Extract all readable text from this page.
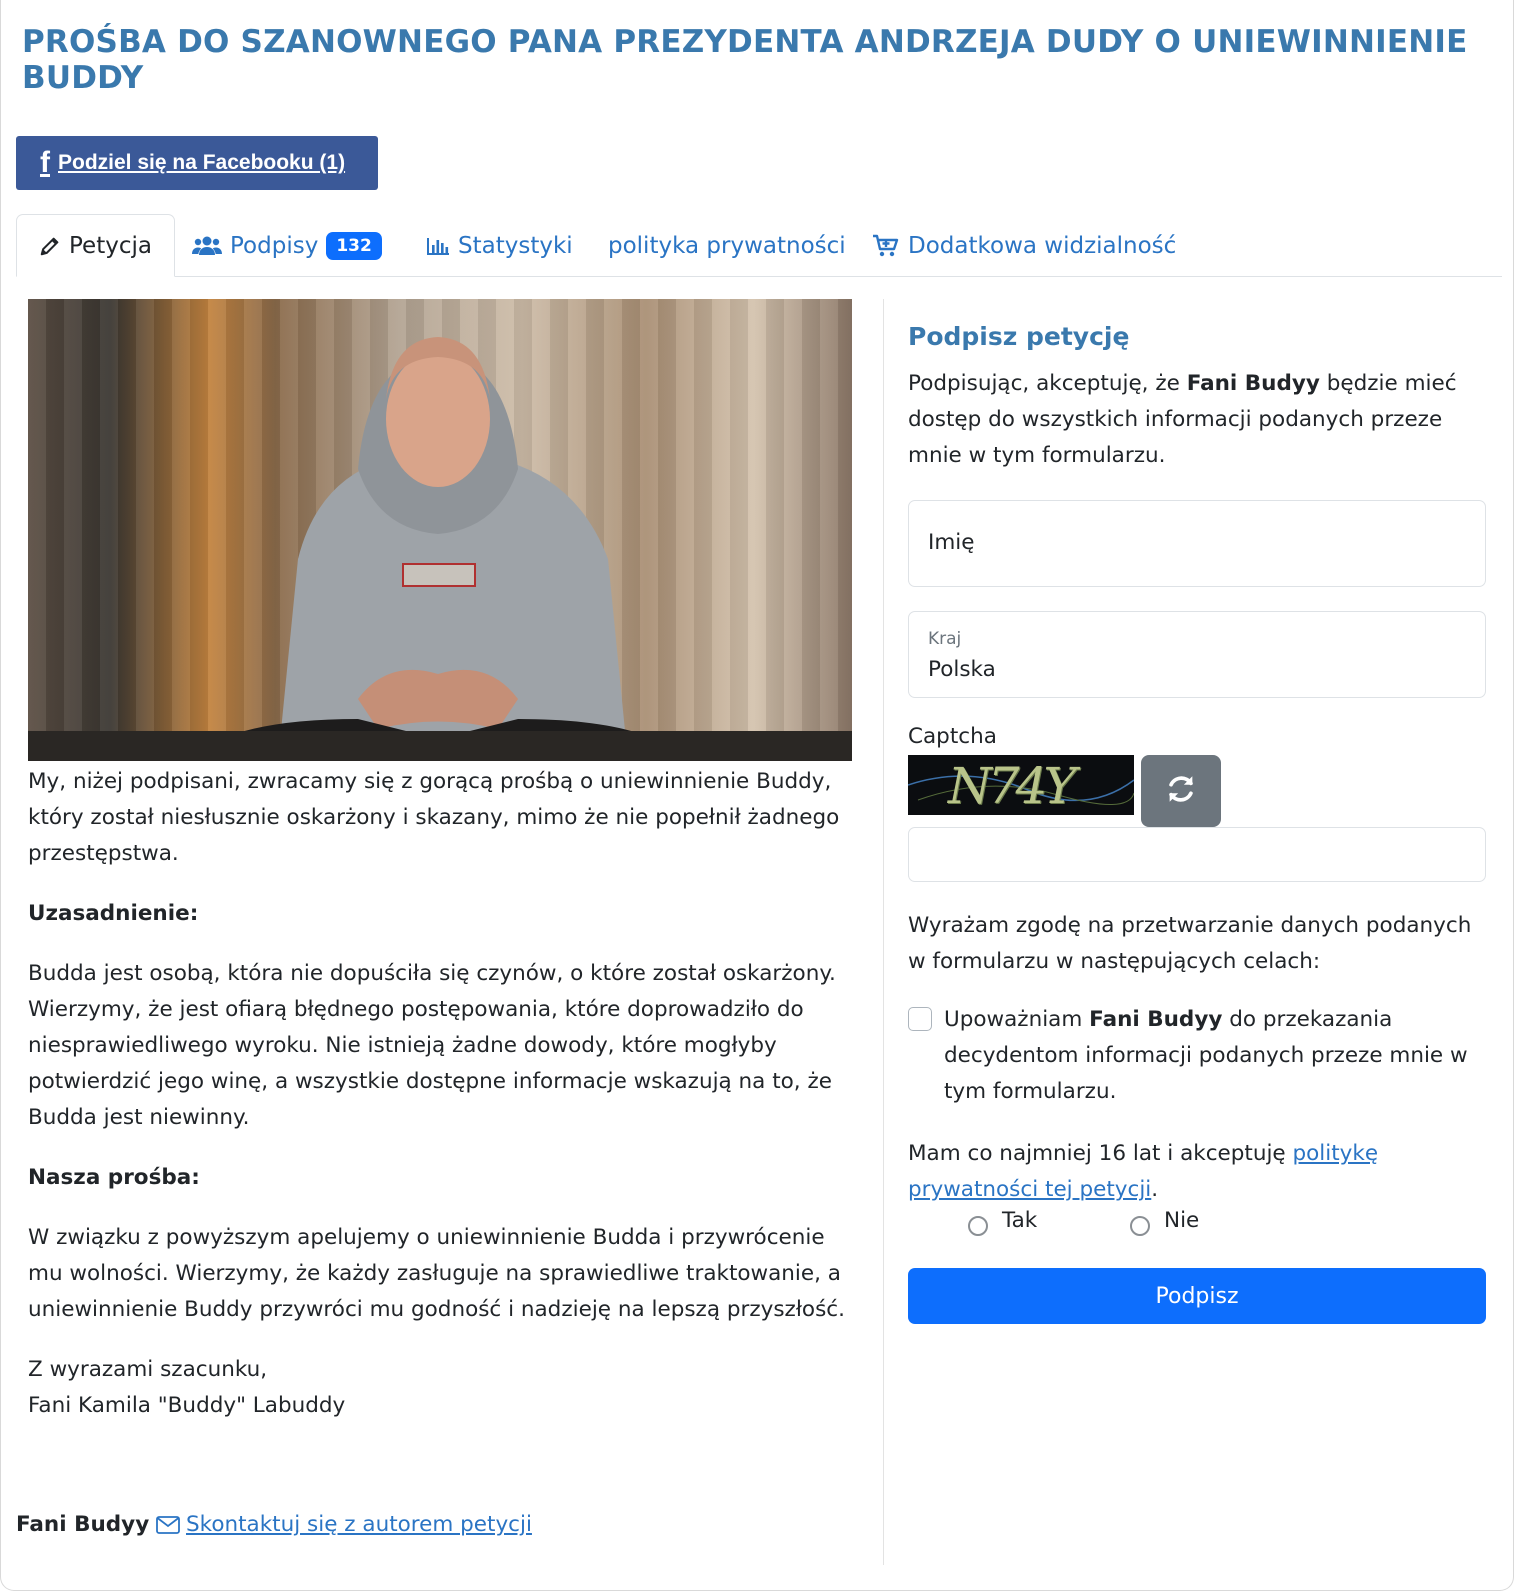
PROŚBA DO SZANOWNEGO PANA PREZYDENTA ANDRZEJA DUDY O UNIEWINNIENIE BUDDY
f Podziel się na Facebooku (1)
Petycja	Podpisy	132	Statystyki polityka prywatności	Dodatkowa widzialność

My, niżej podpisani, zwracamy się z gorącą prośbą o uniewinnienie Buddy, który został niesłusznie oskarżony i skazany, mimo że nie popełnił żadnego przestępstwa.

Uzasadnienie:

Budda jest osobą, która nie dopuściła się czynów, o które został oskarżony. Wierzymy, że jest ofiarą błędnego postępowania, które doprowadziło do niesprawiedliwego wyroku. Nie istnieją żadne dowody, które mogłyby potwierdzić jego winę, a wszystkie dostępne informacje wskazują na to, że Budda jest niewinny.

Nasza prośba:

W związku z powyższym apelujemy o uniewinnienie Budda i przywrócenie mu wolności. Wierzymy, że każdy zasługuje na sprawiedliwe traktowanie, a uniewinnienie Buddy przywróci mu godność i nadzieję na lepszą przyszłość.

Z wyrazami szacunku,
Fani Kamila "Buddy" Labuddy

Podpisz petycję
Podpisując, akceptuję, że Fani Budyy będzie mieć dostęp do wszystkich informacji podanych przeze mnie w tym formularzu.
Imię
Kraj
Polska
Captcha
N74Y
Wyrażam zgodę na przetwarzanie danych podanych w formularzu w następujących celach:
Upoważniam Fani Budyy do przekazania decydentom informacji podanych przeze mnie w tym formularzu.
Mam co najmniej 16 lat i akceptuję politykę prywatności tej petycji.
Tak	Nie
Podpisz
Fani Budyy Skontaktuj się z autorem petycji
